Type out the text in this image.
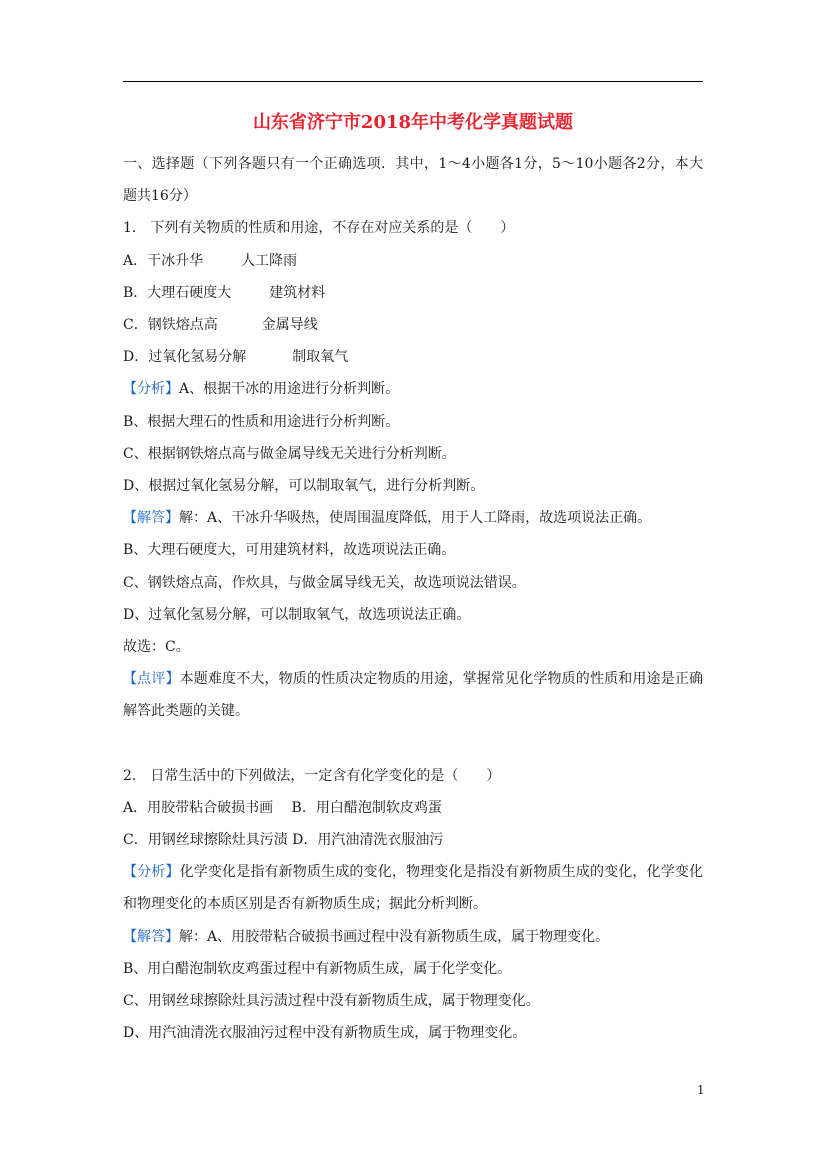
山东省济宁市2018年中考化学真题试题
一、选择题（下列各题只有一个正确选项．其中，1～4小题各1分，5～10小题各2分，本大题共16分）
1． 下列有关物质的性质和用途，不存在对应关系的是（　　）
A．干冰升华	人工降雨
B．大理石硬度大	建筑材料
C．钢铁熔点高	金属导线
D．过氧化氢易分解	制取氧气
【分析】A、根据干冰的用途进行分析判断。
B、根据大理石的性质和用途进行分析判断。
C、根据钢铁熔点高与做金属导线无关进行分析判断。
D、根据过氧化氢易分解，可以制取氧气，进行分析判断。
【解答】解：A、干冰升华吸热，使周围温度降低，用于人工降雨，故选项说法正确。
B、大理石硬度大，可用建筑材料，故选项说法正确。
C、钢铁熔点高，作炊具，与做金属导线无关，故选项说法错误。
D、过氧化氢易分解，可以制取氧气，故选项说法正确。
故选：C。
【点评】本题难度不大，物质的性质决定物质的用途，掌握常见化学物质的性质和用途是正确解答此类题的关键。
2． 日常生活中的下列做法，一定含有化学变化的是（　　）
A．用胶带粘合破损书画　 B．用白醋泡制软皮鸡蛋
C．用钢丝球擦除灶具污渍 D．用汽油清洗衣服油污
【分析】化学变化是指有新物质生成的变化，物理变化是指没有新物质生成的变化，化学变化和物理变化的本质区别是否有新物质生成；据此分析判断。
【解答】解：A、用胶带粘合破损书画过程中没有新物质生成，属于物理变化。
B、用白醋泡制软皮鸡蛋过程中有新物质生成，属于化学变化。
C、用钢丝球擦除灶具污渍过程中没有新物质生成，属于物理变化。
D、用汽油清洗衣服油污过程中没有新物质生成，属于物理变化。
1
